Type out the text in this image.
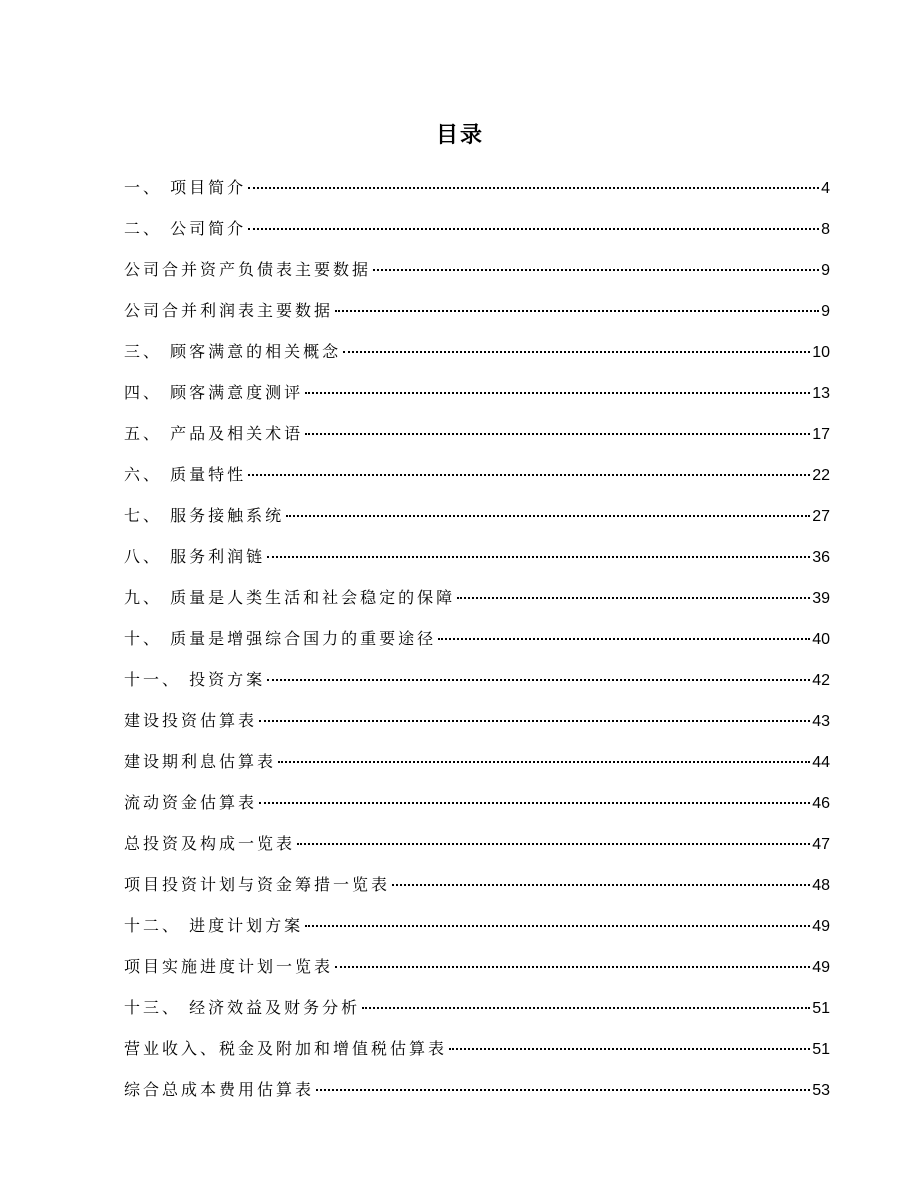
目录
一、 项目简介	4
二、 公司简介	8
公司合并资产负债表主要数据	9
公司合并利润表主要数据	9
三、 顾客满意的相关概念	10
四、 顾客满意度测评	13
五、 产品及相关术语	17
六、 质量特性	22
七、 服务接触系统	27
八、 服务利润链	36
九、 质量是人类生活和社会稳定的保障	39
十、 质量是增强综合国力的重要途径	40
十一、 投资方案	42
建设投资估算表	43
建设期利息估算表	44
流动资金估算表	46
总投资及构成一览表	47
项目投资计划与资金筹措一览表	48
十二、 进度计划方案	49
项目实施进度计划一览表	49
十三、 经济效益及财务分析	51
营业收入、税金及附加和增值税估算表	51
综合总成本费用估算表	53
